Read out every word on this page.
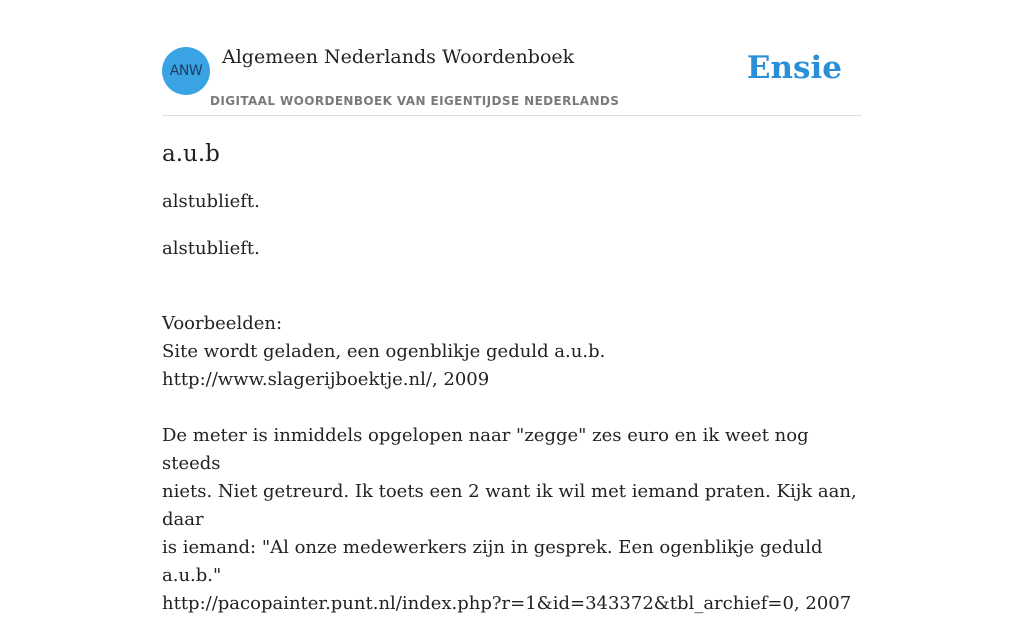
ANW
Algemeen Nederlands Woordenboek
DIGITAAL WOORDENBOEK VAN EIGENTIJDSE NEDERLANDS
Ensie
a.u.b
alstublieft.
alstublieft.
Voorbeelden:
Site wordt geladen, een ogenblikje geduld a.u.b.
http://www.slagerijboektje.nl/, 2009
De meter is inmiddels opgelopen naar "zegge" zes euro en ik weet nog steeds
niets. Niet getreurd. Ik toets een 2 want ik wil met iemand praten. Kijk aan, daar
is iemand: "Al onze medewerkers zijn in gesprek. Een ogenblikje geduld a.u.b."
http://pacopainter.punt.nl/index.php?r=1&id=343372&tbl_archief=0, 2007
